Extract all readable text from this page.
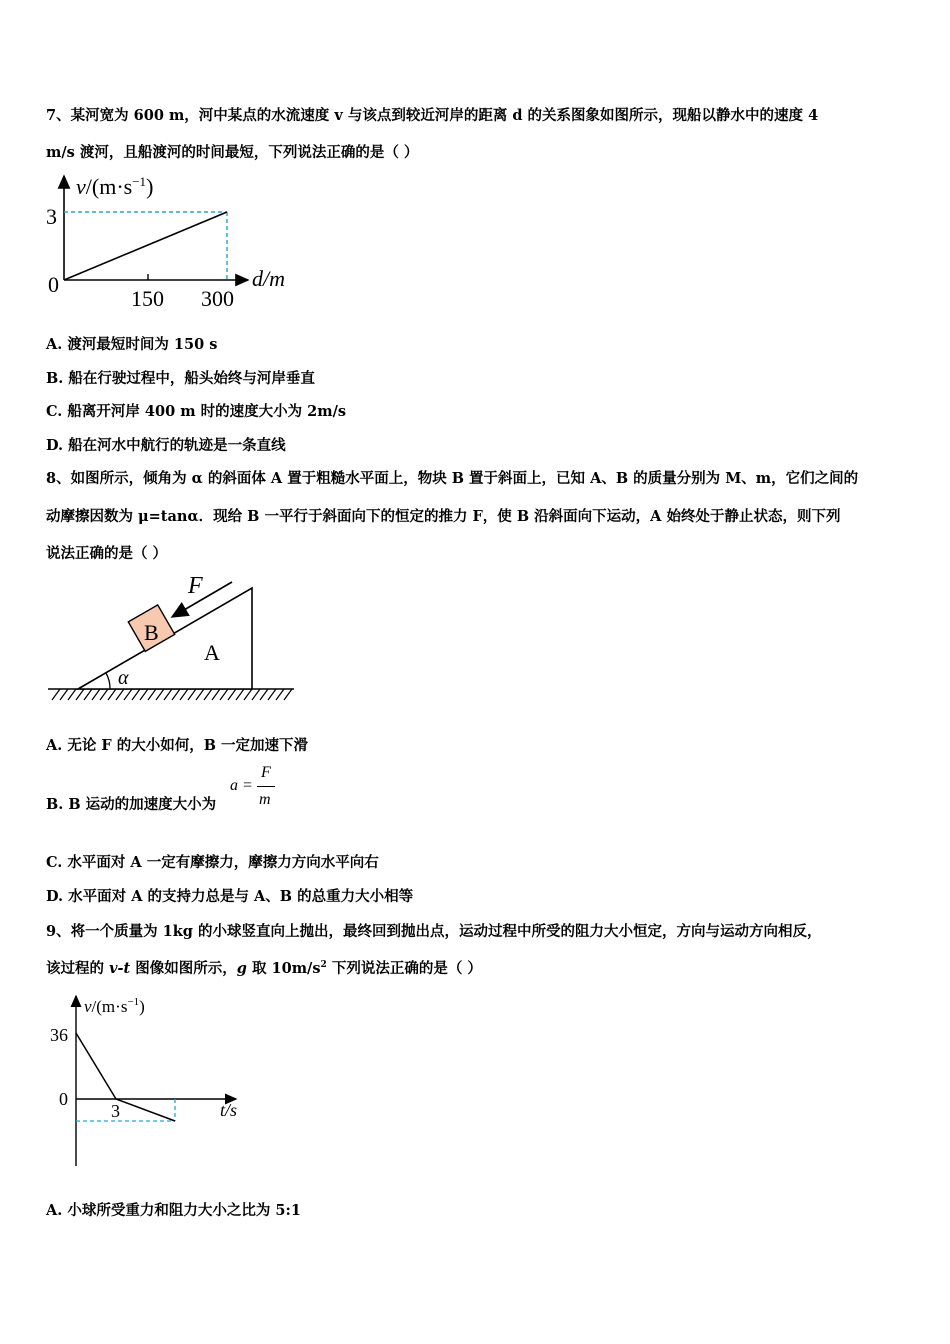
7、某河宽为 600 m，河中某点的水流速度 v 与该点到较近河岸的距离 d 的关系图象如图所示，现船以静水中的速度 4
m/s 渡河，且船渡河的时间最短，下列说法正确的是（ ）
0
3
150 300
d/m
$v/(m\cdot s^{-1})$
A. 渡河最短时间为 150 s
B. 船在行驶过程中，船头始终与河岸垂直
C. 船离开河岸 400 m 时的速度大小为 2m/s
D. 船在河水中航行的轨迹是一条直线
8、如图所示，倾角为 α 的斜面体 A 置于粗糙水平面上，物块 B 置于斜面上，已知 A、B 的质量分别为 M、m，它们之间的
动摩擦因数为 μ=tanα．现给 B 一平行于斜面向下的恒定的推力 F，使 B 沿斜面向下运动，A 始终处于静止状态，则下列
说法正确的是（ ）
F
B
A
α
A. 无论 F 的大小如何，B 一定加速下滑
B. B 运动的加速度大小为
a =
F
m
C. 水平面对 A 一定有摩擦力，摩擦力方向水平向右
D. 水平面对 A 的支持力总是与 A、B 的总重力大小相等
9、将一个质量为 1kg 的小球竖直向上抛出，最终回到抛出点，运动过程中所受的阻力大小恒定，方向与运动方向相反，
该过程的 v-t 图像如图所示，g 取 $10m/s^2$ 下列说法正确的是（ ）
36
0
3	t/s
$v/(m\cdot s^{-1})$
A. 小球所受重力和阻力大小之比为 5:1
